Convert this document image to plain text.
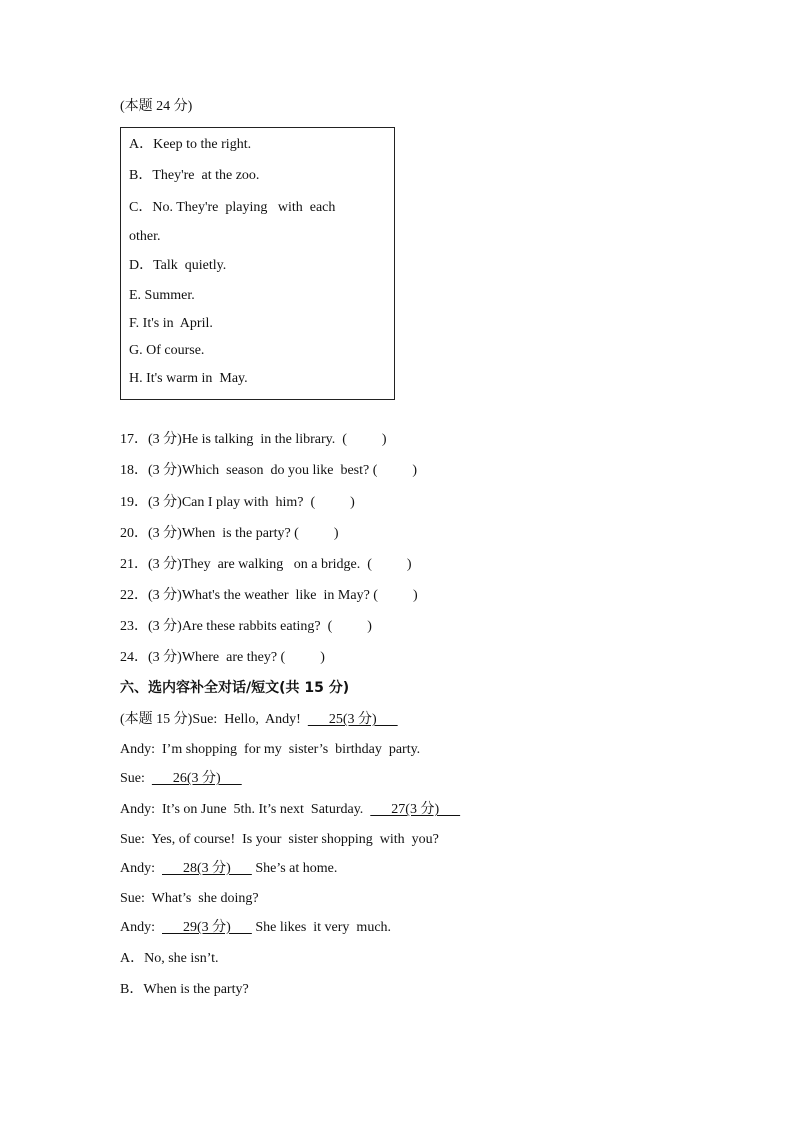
(本题 24 分)
A．Keep to the right.
B．They're  at the zoo.
C．No. They're  playing   with  each
other.
D．Talk  quietly.
E. Summer.
F. It's in  April.
G. Of course.
H. It's warm in  May.
17．(3 分)He is talking  in the library.  (          )
18．(3 分)Which  season  do you like  best? (          )
19．(3 分)Can I play with  him?  (          )
20．(3 分)When  is the party? (          )
21．(3 分)They  are walking   on a bridge.  (          )
22．(3 分)What's the weather  like  in May? (          )
23．(3 分)Are these rabbits eating?  (          )
24．(3 分)Where  are they? (          )
六、选内容补全对话/短文(共 15 分)
(本题 15 分)Sue:  Hello,  Andy!        25(3 分)
Andy:  I’m shopping  for my  sister’s  birthday  party.
Sue:        26(3 分)
Andy:  It’s on June  5th. It’s next  Saturday.        27(3 分)
Sue:  Yes, of course!  Is your  sister shopping  with  you?
Andy:        28(3 分)       She’s at home.
Sue:  What’s  she doing?
Andy:        29(3 分)       She likes  it very  much.
A．No, she isn’t.
B．When is the party?
